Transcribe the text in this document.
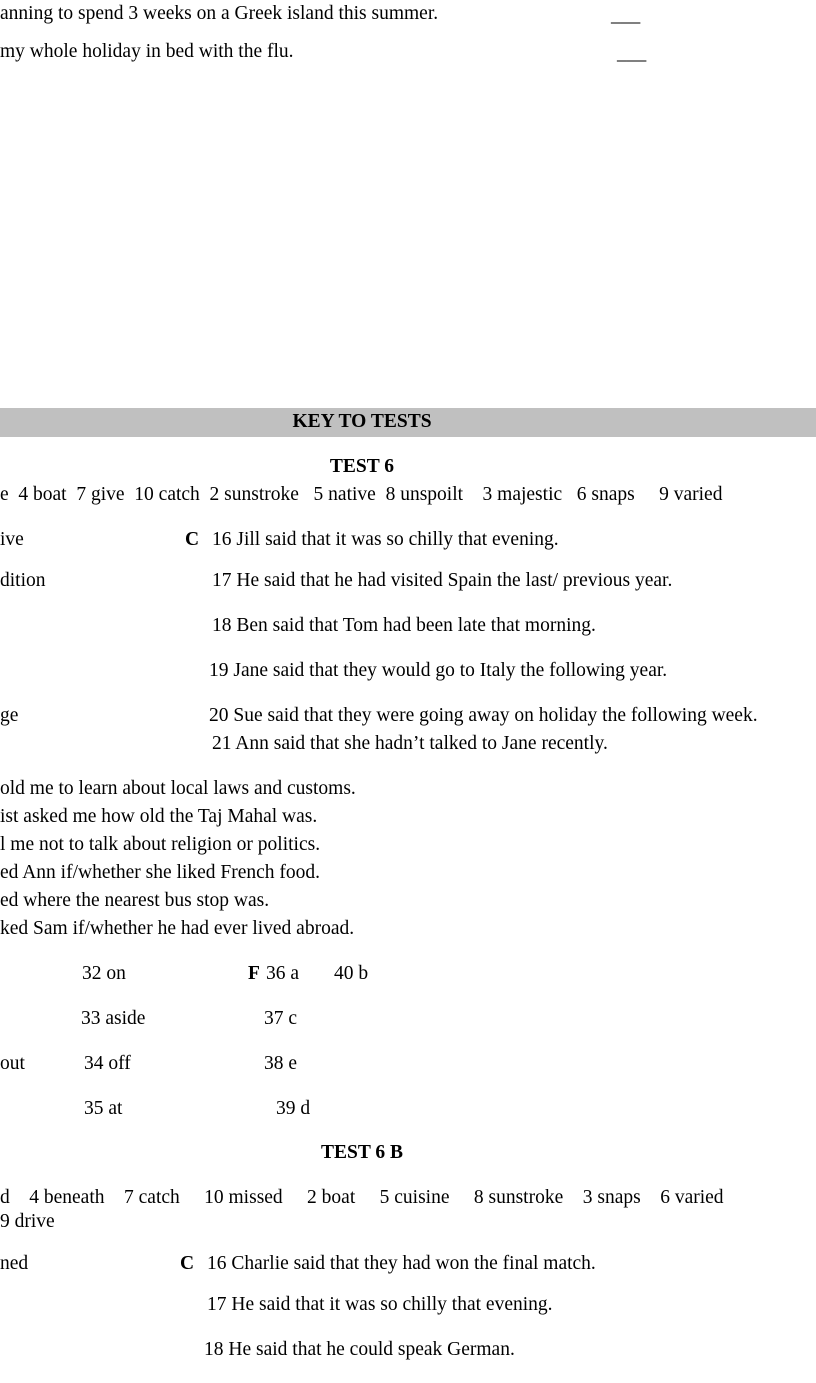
anning to spend 3 weeks on a Greek island this summer.	___
my whole holiday in bed with the flu.	___
KEY TO TESTS
TEST 6
e  4 boat  7 give  10 catch  2 sunstroke   5 native  8 unspoilt    3 majestic   6 snaps     9 varied
ive	C 16 Jill said that it was so chilly that evening.
dition	17 He said that he had visited Spain the last/ previous year.
18 Ben said that Tom had been late that morning.
19 Jane said that they would go to Italy the following year.
ge	20 Sue said that they were going away on holiday the following week.
21 Ann said that she hadn’t talked to Jane recently.
old me to learn about local laws and customs.
ist asked me how old the Taj Mahal was.
l me not to talk about religion or politics.
ed Ann if/whether she liked French food.
ed where the nearest bus stop was.
ked Sam if/whether he had ever lived abroad.
32 on	F 36 a 40 b
33 aside	37 c
out	34 off	38 e
35 at	39 d
TEST 6 B
d    4 beneath    7 catch     10 missed     2 boat     5 cuisine     8 sunstroke    3 snaps    6 varied
9 drive
ned	C 16 Charlie said that they had won the final match.
17 He said that it was so chilly that evening.
18 He said that he could speak German.
